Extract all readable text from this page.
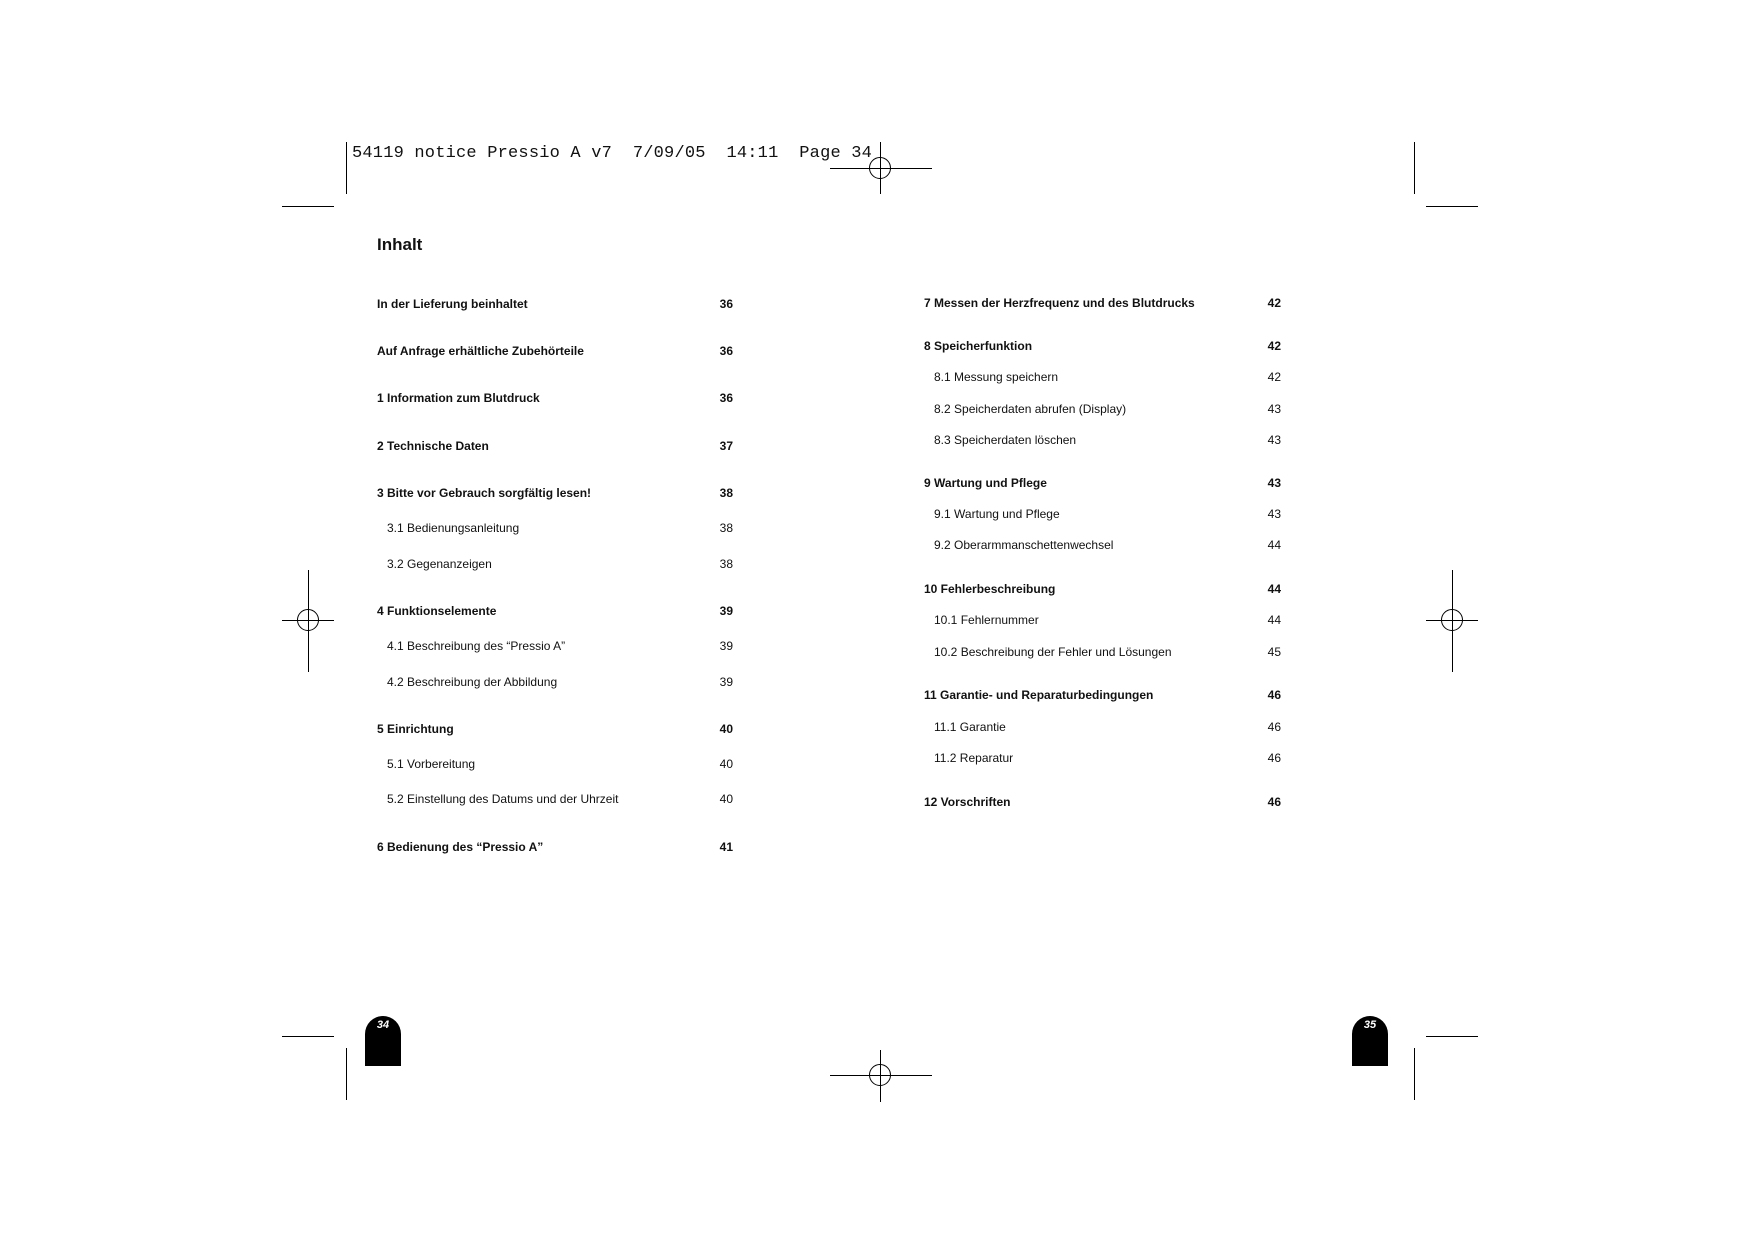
54119 notice Pressio A v7  7/09/05  14:11  Page 34
Inhalt
In der Lieferung beinhaltet	36
Auf Anfrage erhältliche Zubehörteile	36
1 Information zum Blutdruck	36
2 Technische Daten	37
3 Bitte vor Gebrauch sorgfältig lesen!	38
3.1 Bedienungsanleitung	38
3.2 Gegenanzeigen	38
4 Funktionselemente	39
4.1 Beschreibung des “Pressio A”	39
4.2 Beschreibung der Abbildung	39
5 Einrichtung	40
5.1 Vorbereitung	40
5.2 Einstellung des Datums und der Uhrzeit	40
6 Bedienung des “Pressio A”	41
7 Messen der Herzfrequenz und des Blutdrucks	42
8 Speicherfunktion	42
8.1 Messung speichern	42
8.2 Speicherdaten abrufen (Display)	43
8.3 Speicherdaten löschen	43
9 Wartung und Pflege	43
9.1 Wartung und Pflege	43
9.2 Oberarmmanschettenwechsel	44
10 Fehlerbeschreibung	44
10.1 Fehlernummer	44
10.2 Beschreibung der Fehler und Lösungen	45
11 Garantie- und Reparaturbedingungen	46
11.1 Garantie	46
11.2 Reparatur	46
12 Vorschriften	46
34	35
